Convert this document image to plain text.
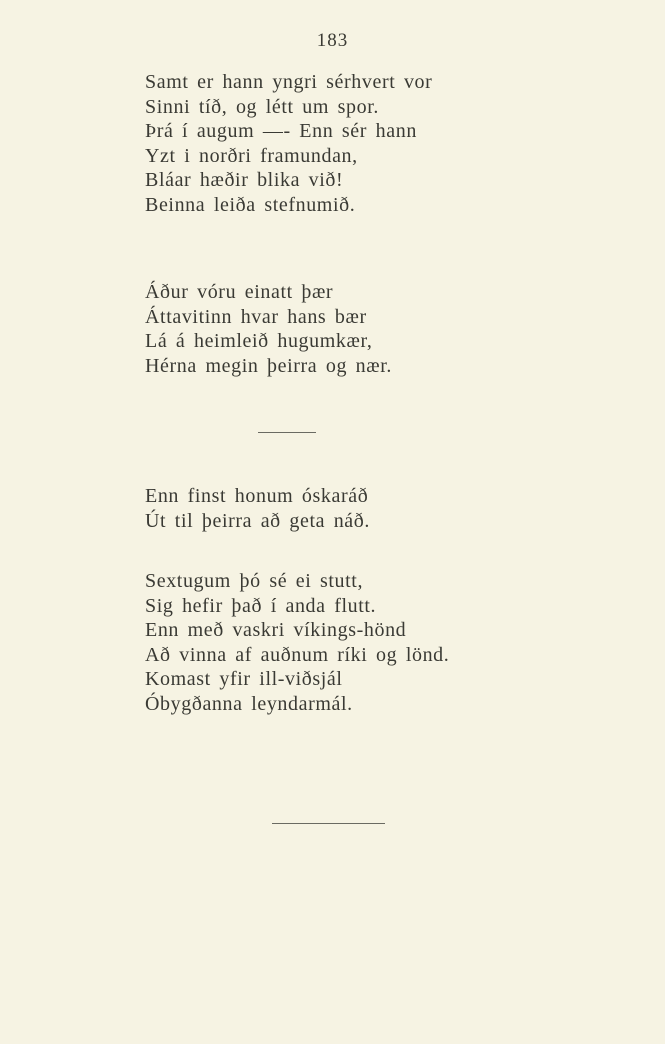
183
Samt er hann yngri sérhvert vor
Sinni tíð, og létt um spor.
Þrá í augum —- Enn sér hann
Yzt i norðri framundan,
Bláar hæðir blika við!
Beinna leiða stefnumið.
Áður vóru einatt þær
Áttavitinn hvar hans bær
Lá á heimleið hugumkær,
Hérna megin þeirra og nær.
Enn finst honum óskaráð
Út til þeirra að geta náð.
Sextugum þó sé ei stutt,
Sig hefir það í anda flutt.
Enn með vaskri víkings-hönd
Að vinna af auðnum ríki og lönd.
Komast yfir ill-viðsjál
Óbygðanna leyndarmál.
